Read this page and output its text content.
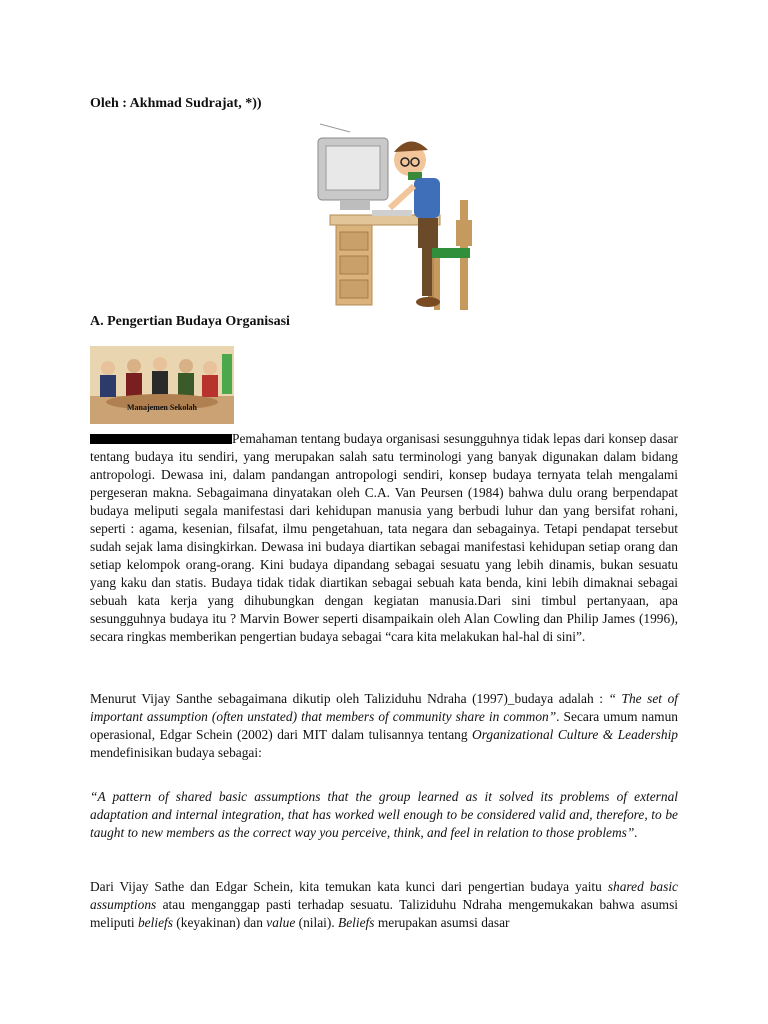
Oleh : Akhmad Sudrajat, *))
A. Pengertian Budaya Organisasi
Manajemen Sekolah

Pemahaman tentang budaya organisasi sesungguhnya tidak lepas dari konsep dasar tentang budaya itu sendiri, yang merupakan salah satu terminologi yang banyak digunakan dalam bidang antropologi. Dewasa ini, dalam pandangan antropologi sendiri, konsep budaya ternyata telah mengalami pergeseran makna. Sebagaimana dinyatakan oleh C.A. Van Peursen (1984) bahwa dulu orang berpendapat budaya meliputi segala manifestasi dari kehidupan manusia yang berbudi luhur dan yang bersifat rohani, seperti : agama, kesenian, filsafat, ilmu pengetahuan, tata negara dan sebagainya. Tetapi pendapat tersebut sudah sejak lama disingkirkan. Dewasa ini budaya diartikan sebagai manifestasi kehidupan setiap orang dan setiap kelompok orang-orang. Kini budaya dipandang sebagai sesuatu yang lebih dinamis, bukan sesuatu yang kaku dan statis. Budaya tidak tidak diartikan sebagai sebuah kata benda, kini lebih dimaknai sebagai sebuah kata kerja yang dihubungkan dengan kegiatan manusia.Dari sini timbul pertanyaan, apa sesungguhnya budaya itu ? Marvin Bower seperti disampaikain oleh Alan Cowling dan Philip James (1996), secara ringkas memberikan pengertian budaya sebagai “cara kita melakukan hal-hal di sini”.

Menurut Vijay Santhe sebagaimana dikutip oleh Taliziduhu Ndraha (1997)_budaya adalah : “ The set of important assumption (often unstated) that members of community share in common”. Secara umum namun operasional, Edgar Schein (2002) dari MIT dalam tulisannya tentang Organizational Culture & Leadership mendefinisikan budaya sebagai:

“A pattern of shared basic assumptions that the group learned as it solved its problems of external adaptation and internal integration, that has worked well enough to be considered valid and, therefore, to be taught to new members as the correct way you perceive, think, and feel in relation to those problems”.

Dari Vijay Sathe dan Edgar Schein, kita temukan kata kunci dari pengertian budaya yaitu shared basic assumptions atau menganggap pasti terhadap sesuatu. Taliziduhu Ndraha mengemukakan bahwa asumsi meliputi beliefs (keyakinan) dan value (nilai). Beliefs merupakan asumsi dasar
